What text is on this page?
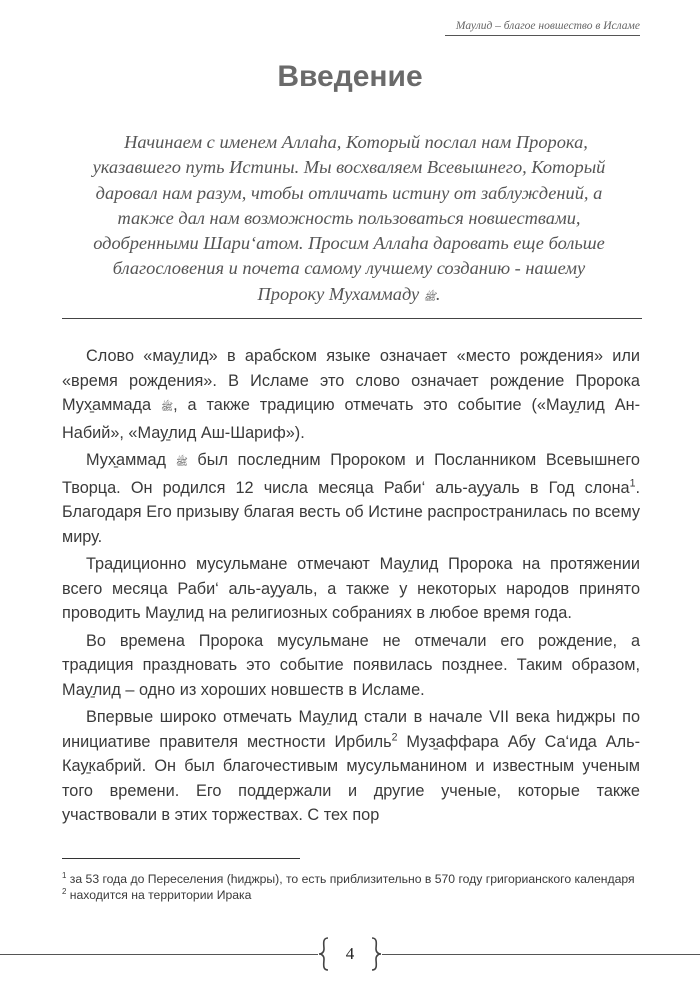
Маулид – благое новшество в Исламе
Введение

Начинаем с именем Аллаhа, Который послал нам Пророка,
указавшего путь Истины. Мы восхваляем Всевышнего, Который
даровал нам разум, чтобы отличать истину от заблуждений, а
также дал нам возможность пользоваться новшествами,
одобренными Шари‘атом. Просим Аллаhа даровать еще больше
благословения и почета самому лучшему созданию - нашему
Пророку Мухаммаду ﷺ.

Слово «мау̱лид» в арабском языке означает «место рождения» или «время рождения». В Исламе это слово означает рождение Пророка Мух̱аммада ﷺ, а также традицию отмечать это событие («Мау̱лид Ан-Набий», «Мау̱лид Аш-Шариф»).

Мух̱аммад ﷺ был последним Пророком и Посланником Всевышнего Творца. Он родился 12 числа месяца Раби‘ аль-ау̱уаль в Год слона$^1$. Благодаря Его призыву благая весть об Истине распространилась по всему миру.

Традиционно мусульмане отмечают Мау̱лид Пророка на протяжении всего месяца Раби‘ аль-ау̱уаль, а также у некоторых народов принято проводить Мау̱лид на религиозных собраниях в любое время года.

Во времена Пророка мусульмане не отмечали его рождение, а традиция праздновать это событие появилась позднее. Таким образом, Мау̱лид – одно из хороших новшеств в Исламе.

Впервые широко отмечать Мау̱лид стали в начале VII века hиджры по инициативе правителя местности Ирбиль$^2$ Муз̱аффара Абу Са‘ид̱а Аль-Кау̱кабрий. Он был благочестивым мусульманином и известным ученым того времени. Его поддержали и другие ученые, которые также участвовали в этих торжествах. С тех пор

$^1$ за 53 года до Переселения (hиджры), то есть приблизительно в 570 году григорианского календаря

$^2$ находится на территории Ирака

4
